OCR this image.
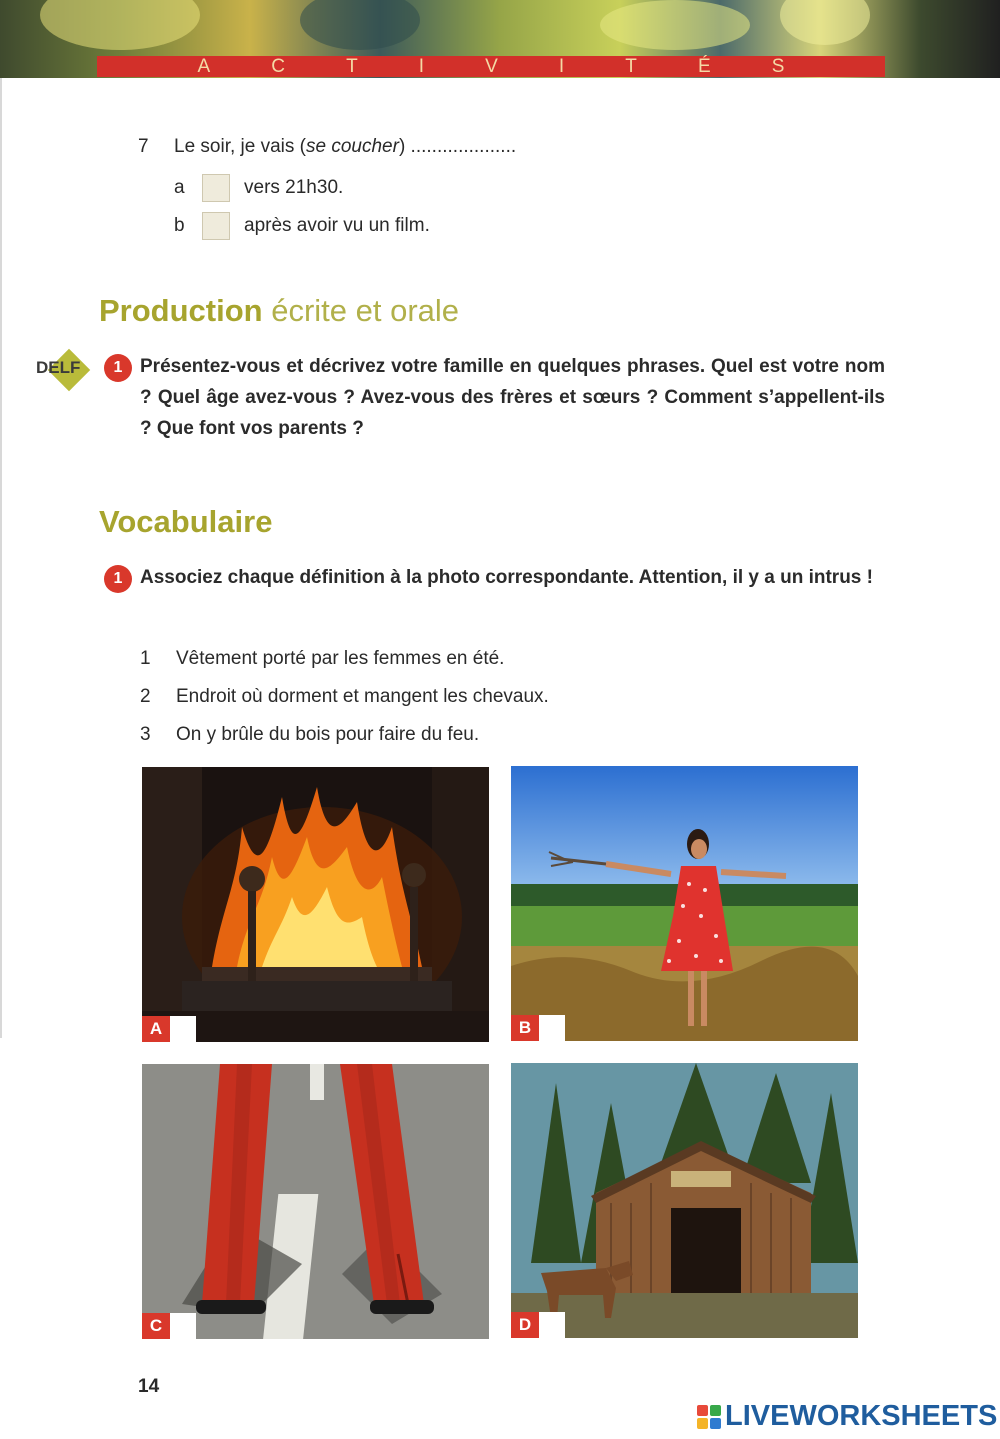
A	C	T	I	V	I	T	É	S
7 Le soir, je vais (se coucher) ....................
a	vers 21h30.
b	après avoir vu un film.
Production écrite et orale
DELF	1 Présentez-vous et décrivez votre famille en quelques phrases. Quel est votre nom ? Quel âge avez-vous ? Avez-vous des frères et sœurs ? Comment s’appellent-ils ? Que font vos parents ?
Vocabulaire
1 Associez chaque définition à la photo correspondante. Attention, il y a un intrus !
1 Vêtement porté par les femmes en été.
2 Endroit où dorment et mangent les chevaux.
3 On y brûle du bois pour faire du feu.
A	B
C	D
14
LIVEWORKSHEETS
